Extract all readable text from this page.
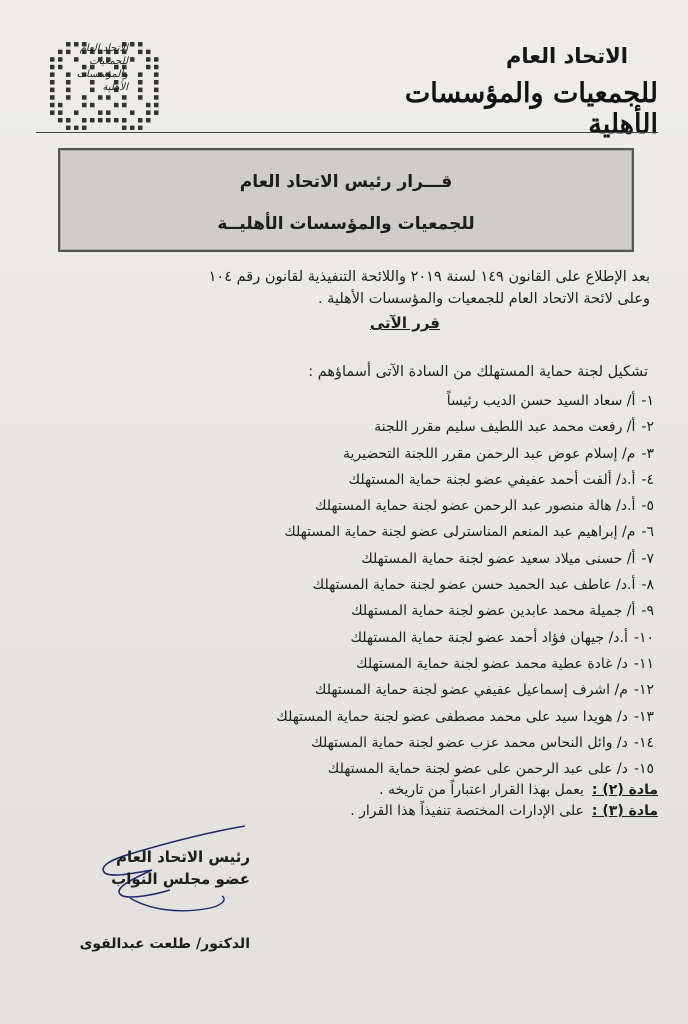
الاتحاد العام
للجمعيات
والمؤسسات
الأهلية
الاتحاد العام
للجمعيات والمؤسسات الأهلية
قـــرار رئيس الاتحاد العام
للجمعيات والمؤسسات الأهليــة
بعد الإطلاع على القانون ١٤٩ لسنة ٢٠١٩ واللائحة التنفيذية لقانون رقم ١٠٤
وعلى لائحة الاتحاد العام للجمعيات والمؤسسات الأهلية .
قرر الآتى
تشكيل لجنة حماية المستهلك من السادة الآتى أسماؤهم :
١-أ/ سعاد السيد حسن الديب رئيساً
٢-أ/ رفعت محمد عبد اللطيف سليم مقرر اللجنة
٣-م/ إسلام عوض عبد الرحمن مقرر اللجنة التحضيرية
٤-أ.د/ ألفت أحمد عفيفي عضو لجنة حماية المستهلك
٥-أ.د/ هالة منصور عبد الرحمن عضو لجنة حماية المستهلك
٦-م/ إبراهيم عبد المنعم المناسترلى عضو لجنة حماية المستهلك
٧-أ/ حسنى ميلاد سعيد عضو لجنة حماية المستهلك
٨-أ.د/ عاطف عبد الحميد حسن عضو لجنة حماية المستهلك
٩-أ/ جميلة محمد عابدين عضو لجنة حماية المستهلك
١٠-أ.د/ جيهان فؤاد أحمد عضو لجنة حماية المستهلك
١١-د/ غادة عطية محمد عضو لجنة حماية المستهلك
١٢-م/ اشرف إسماعيل عفيفي عضو لجنة حماية المستهلك
١٣-د/ هويدا سيد على محمد مصطفى عضو لجنة حماية المستهلك
١٤-د/ وائل النحاس محمد عزب عضو لجنة حماية المستهلك
١٥-د/ على عبد الرحمن على عضو لجنة حماية المستهلك
مادة (٢) :يعمل بهذا القرار اعتباراً من تاريخه .
مادة (٣) :على الإدارات المختصة تنفيذاً هذا القرار .
رئيس الاتحاد العام
عضو مجلس النواب
الدكتور/ طلعت عبدالقوى
